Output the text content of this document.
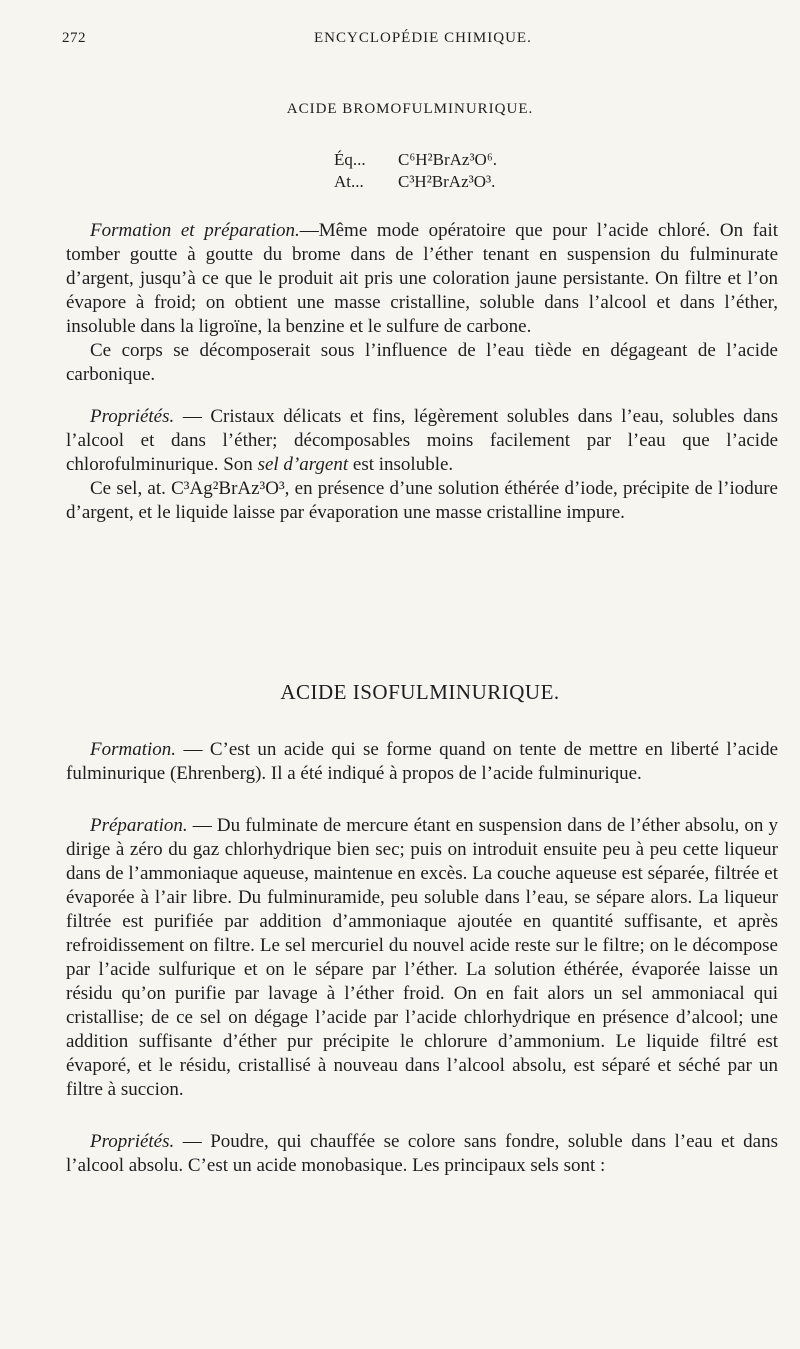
272	ENCYCLOPÉDIE CHIMIQUE.
ACIDE BROMOFULMINURIQUE.
Éq... C⁶H²BrAz³O⁶.
At... C³H²BrAz³O³.

Formation et préparation.—Même mode opératoire que pour l’acide chloré. On fait tomber goutte à goutte du brome dans de l’éther tenant en suspension du fulminurate d’argent, jusqu’à ce que le produit ait pris une coloration jaune persistante. On filtre et l’on évapore à froid; on obtient une masse cristalline, soluble dans l’alcool et dans l’éther, insoluble dans la ligroïne, la benzine et le sulfure de carbone.

Ce corps se décomposerait sous l’influence de l’eau tiède en dégageant de l’acide carbonique.

Propriétés. — Cristaux délicats et fins, légèrement solubles dans l’eau, solubles dans l’alcool et dans l’éther; décomposables moins facilement par l’eau que l’acide chlorofulminurique. Son sel d’argent est insoluble.

Ce sel, at. C³Ag²BrAz³O³, en présence d’une solution éthérée d’iode, précipite de l’iodure d’argent, et le liquide laisse par évaporation une masse cristalline impure.

ACIDE ISOFULMINURIQUE.

Formation. — C’est un acide qui se forme quand on tente de mettre en liberté l’acide fulminurique (Ehrenberg). Il a été indiqué à propos de l’acide fulminurique.

Préparation. — Du fulminate de mercure étant en suspension dans de l’éther absolu, on y dirige à zéro du gaz chlorhydrique bien sec; puis on introduit ensuite peu à peu cette liqueur dans de l’ammoniaque aqueuse, maintenue en excès. La couche aqueuse est séparée, filtrée et évaporée à l’air libre. Du fulminuramide, peu soluble dans l’eau, se sépare alors. La liqueur filtrée est purifiée par addition d’ammoniaque ajoutée en quantité suffisante, et après refroidissement on filtre. Le sel mercuriel du nouvel acide reste sur le filtre; on le décompose par l’acide sulfurique et on le sépare par l’éther. La solution éthérée, évaporée laisse un résidu qu’on purifie par lavage à l’éther froid. On en fait alors un sel ammoniacal qui cristallise; de ce sel on dégage l’acide par l’acide chlorhydrique en présence d’alcool; une addition suffisante d’éther pur précipite le chlorure d’ammonium. Le liquide filtré est évaporé, et le résidu, cristallisé à nouveau dans l’alcool absolu, est séparé et séché par un filtre à succion.

Propriétés. — Poudre, qui chauffée se colore sans fondre, soluble dans l’eau et dans l’alcool absolu. C’est un acide monobasique. Les principaux sels sont :
